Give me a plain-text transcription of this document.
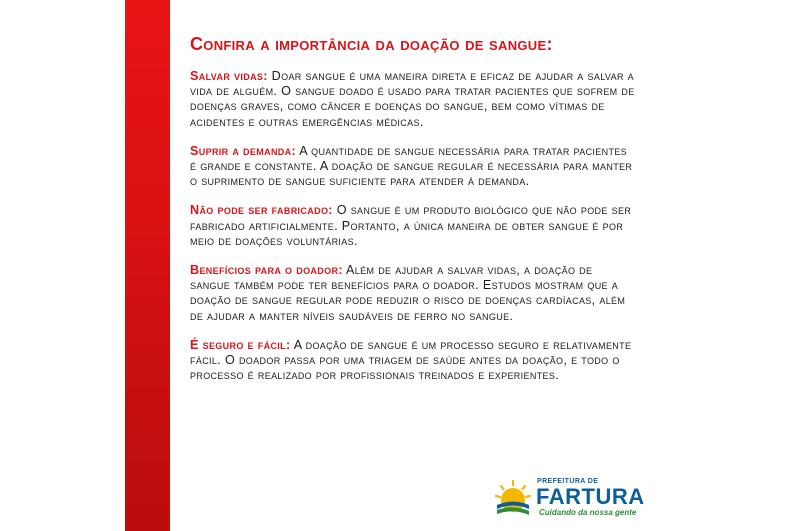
Confira a importância da doação de sangue:

Salvar vidas: Doar sangue é uma maneira direta e eficaz de ajudar a salvar a vida de alguém. O sangue doado é usado para tratar pacientes que sofrem de doenças graves, como câncer e doenças do sangue, bem como vítimas de acidentes e outras emergências médicas.

Suprir a demanda: A quantidade de sangue necessária para tratar pacientes é grande e constante. A doação de sangue regular é necessária para manter o suprimento de sangue suficiente para atender à demanda.

Não pode ser fabricado: O sangue é um produto biológico que não pode ser fabricado artificialmente. Portanto, a única maneira de obter sangue é por meio de doações voluntárias.

Benefícios para o doador: Além de ajudar a salvar vidas, a doação de sangue também pode ter benefícios para o doador. Estudos mostram que a doação de sangue regular pode reduzir o risco de doenças cardíacas, além de ajudar a manter níveis saudáveis de ferro no sangue.

É seguro e fácil: A doação de sangue é um processo seguro e relativamente fácil. O doador passa por uma triagem de saúde antes da doação, e todo o processo é realizado por profissionais treinados e experientes.

PREFEITURA DE
FARTURA
Cuidando da nossa gente
